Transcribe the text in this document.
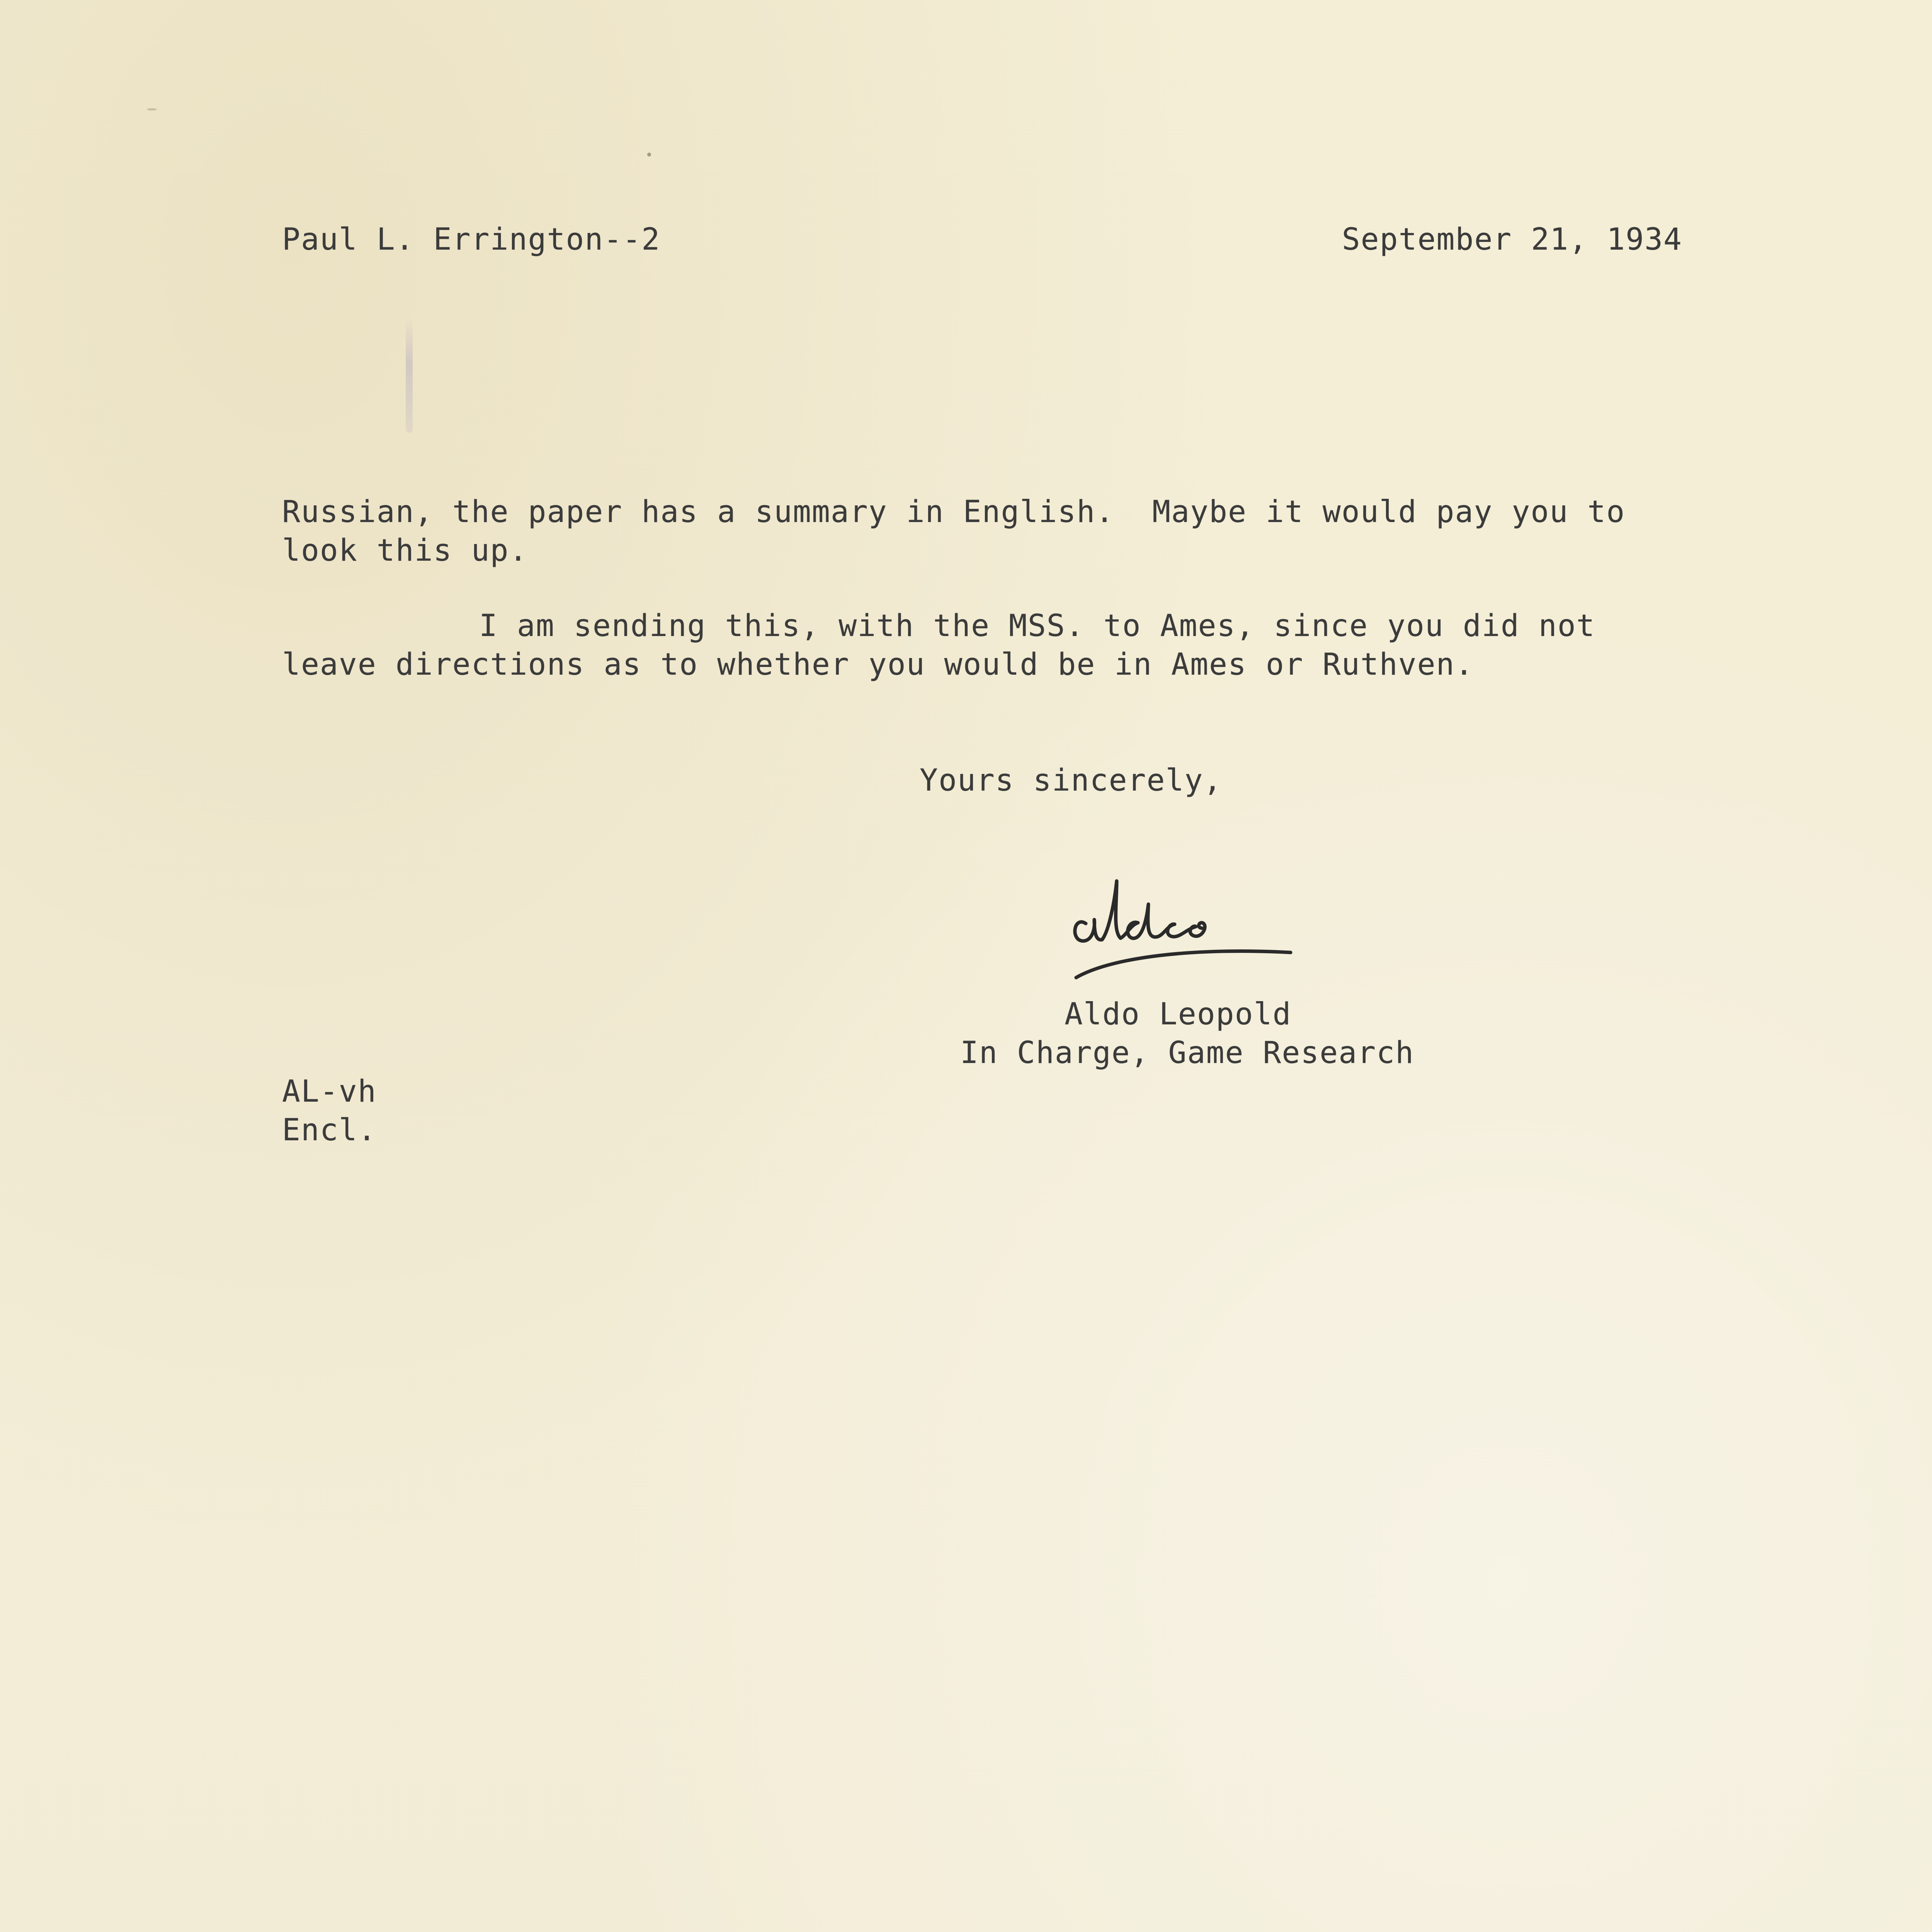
Paul L. Errington--2	September 21, 1934

Russian, the paper has a summary in English.  Maybe it would pay you to

look this up.

I am sending this, with the MSS. to Ames, since you did not

leave directions as to whether you would be in Ames or Ruthven.

Yours sincerely,

Aldo Leopold

In Charge, Game Research

AL-vh

Encl.
